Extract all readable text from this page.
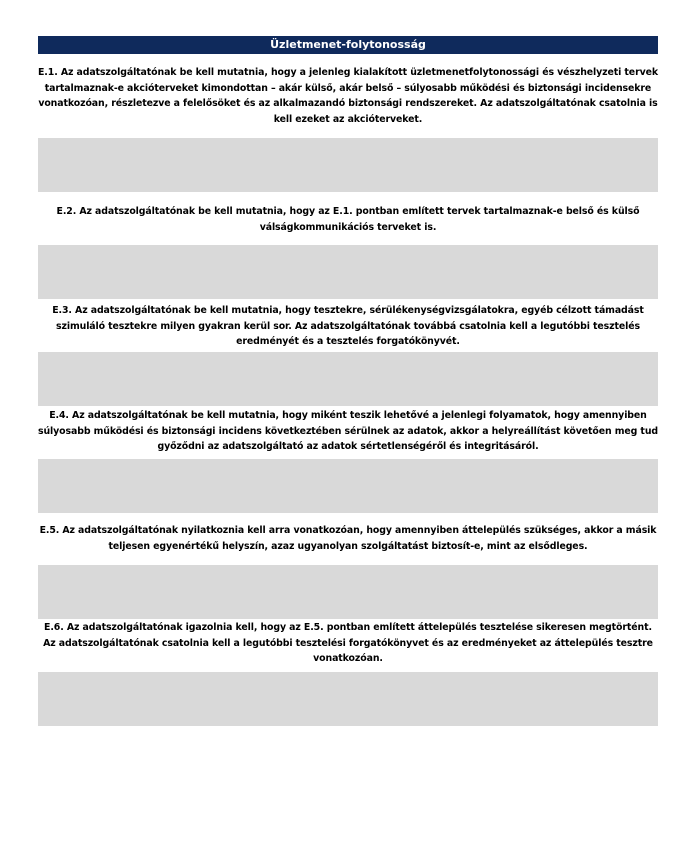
Üzletmenet-folytonosság
E.1. Az adatszolgáltatónak be kell mutatnia, hogy a jelenleg kialakított üzletmenetfolytonossági és vészhelyzeti tervek tartalmaznak-e akcióterveket kimondottan – akár külső, akár belső – súlyosabb működési és biztonsági incidensekre vonatkozóan, részletezve a felelősöket és az alkalmazandó biztonsági rendszereket. Az adatszolgáltatónak csatolnia is kell ezeket az akcióterveket.
E.2. Az adatszolgáltatónak be kell mutatnia, hogy az E.1. pontban említett tervek tartalmaznak-e belső és külső válságkommunikációs terveket is.
E.3. Az adatszolgáltatónak be kell mutatnia, hogy tesztekre, sérülékenységvizsgálatokra, egyéb célzott támadást szimuláló tesztekre milyen gyakran kerül sor. Az adatszolgáltatónak továbbá csatolnia kell a legutóbbi tesztelés eredményét és a tesztelés forgatókönyvét.
E.4. Az adatszolgáltatónak be kell mutatnia, hogy miként teszik lehetővé a jelenlegi folyamatok, hogy amennyiben súlyosabb működési és biztonsági incidens következtében sérülnek az adatok, akkor a helyreállítást követően meg tud győződni az adatszolgáltató az adatok sértetlenségéről és integritásáról.
E.5. Az adatszolgáltatónak nyilatkoznia kell arra vonatkozóan, hogy amennyiben áttelepülés szükséges, akkor a másik teljesen egyenértékű helyszín, azaz ugyanolyan szolgáltatást biztosít-e, mint az elsődleges.
E.6. Az adatszolgáltatónak igazolnia kell, hogy az E.5. pontban említett áttelepülés tesztelése sikeresen megtörtént. Az adatszolgáltatónak csatolnia kell a legutóbbi tesztelési forgatókönyvet és az eredményeket az áttelepülés tesztre vonatkozóan.
